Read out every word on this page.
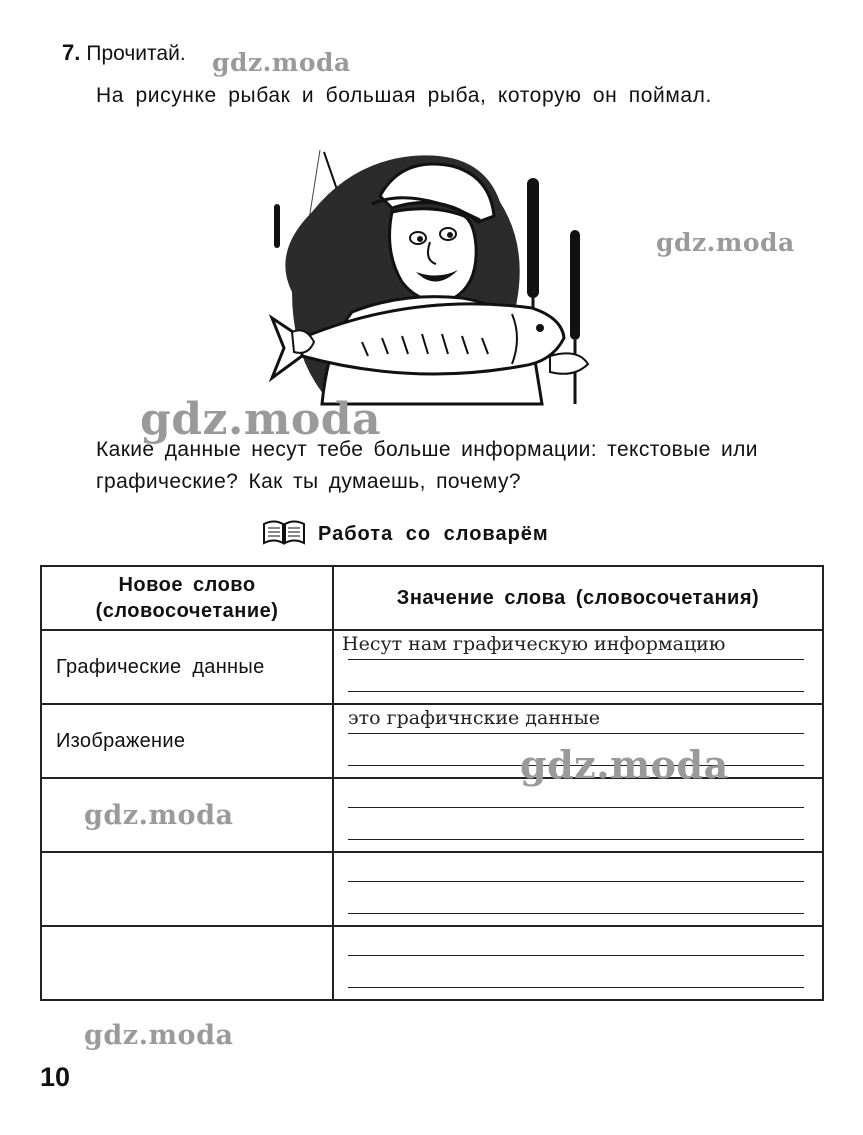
7. Прочитай.
На рисунке рыбак и большая рыба, которую он поймал.
Какие данные несут тебе больше информации: текстовые или графические? Как ты думаешь, почему?
Работа со словарём
Новое слово (словосочетание)	Значение слова (словосочетания)
Графические данные	Несут нам графическую информацию

Изображение	это графичнские данные

10
gdz.moda
gdz.moda
gdz.moda
gdz.moda
gdz.moda
gdz.moda
